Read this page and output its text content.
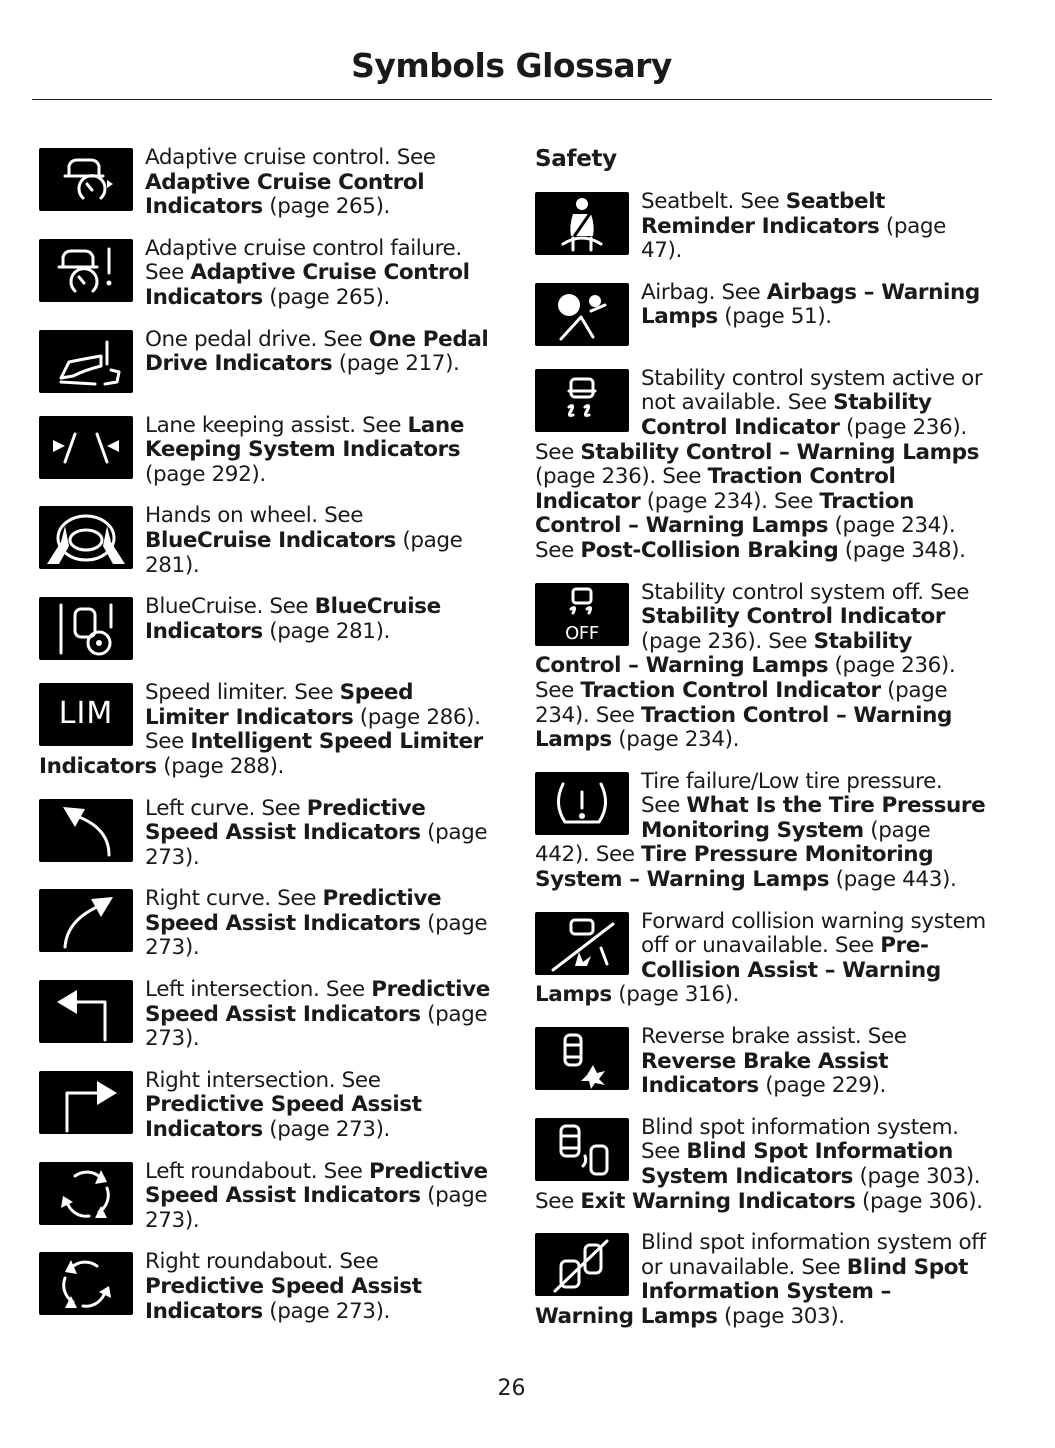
Symbols Glossary
Adaptive cruise control. See Adaptive Cruise Control Indicators (page 265).
Adaptive cruise control failure. See Adaptive Cruise Control Indicators (page 265).
One pedal drive. See One Pedal Drive Indicators (page 217).
Lane keeping assist. See Lane Keeping System Indicators (page 292).
Hands on wheel. See BlueCruise Indicators (page 281).
BlueCruise. See BlueCruise Indicators (page 281).
LIM
Speed limiter. See Speed Limiter Indicators (page 286). See Intelligent Speed Limiter Indicators (page 288).
Left curve. See Predictive Speed Assist Indicators (page 273).
Right curve. See Predictive Speed Assist Indicators (page 273).
Left intersection. See Predictive Speed Assist Indicators (page 273).
Right intersection. See Predictive Speed Assist Indicators (page 273).
Left roundabout. See Predictive Speed Assist Indicators (page 273).
Right roundabout. See Predictive Speed Assist Indicators (page 273).
Safety
Seatbelt. See Seatbelt Reminder Indicators (page 47).
Airbag. See Airbags – Warning Lamps (page 51).
Stability control system active or not available. See Stability Control Indicator (page 236). See Stability Control – Warning Lamps (page 236). See Traction Control Indicator (page 234). See Traction Control – Warning Lamps (page 234). See Post-Collision Braking (page 348).
OFF
Stability control system off. See Stability Control Indicator (page 236). See Stability Control – Warning Lamps (page 236). See Traction Control Indicator (page 234). See Traction Control – Warning Lamps (page 234).
Tire failure/Low tire pressure. See What Is the Tire Pressure Monitoring System (page 442). See Tire Pressure Monitoring System – Warning Lamps (page 443).
Forward collision warning system off or unavailable. See Pre-Collision Assist – Warning Lamps (page 316).
Reverse brake assist. See Reverse Brake Assist Indicators (page 229).
Blind spot information system. See Blind Spot Information System Indicators (page 303). See Exit Warning Indicators (page 306).
Blind spot information system off or unavailable. See Blind Spot Information System – Warning Lamps (page 303).
26
